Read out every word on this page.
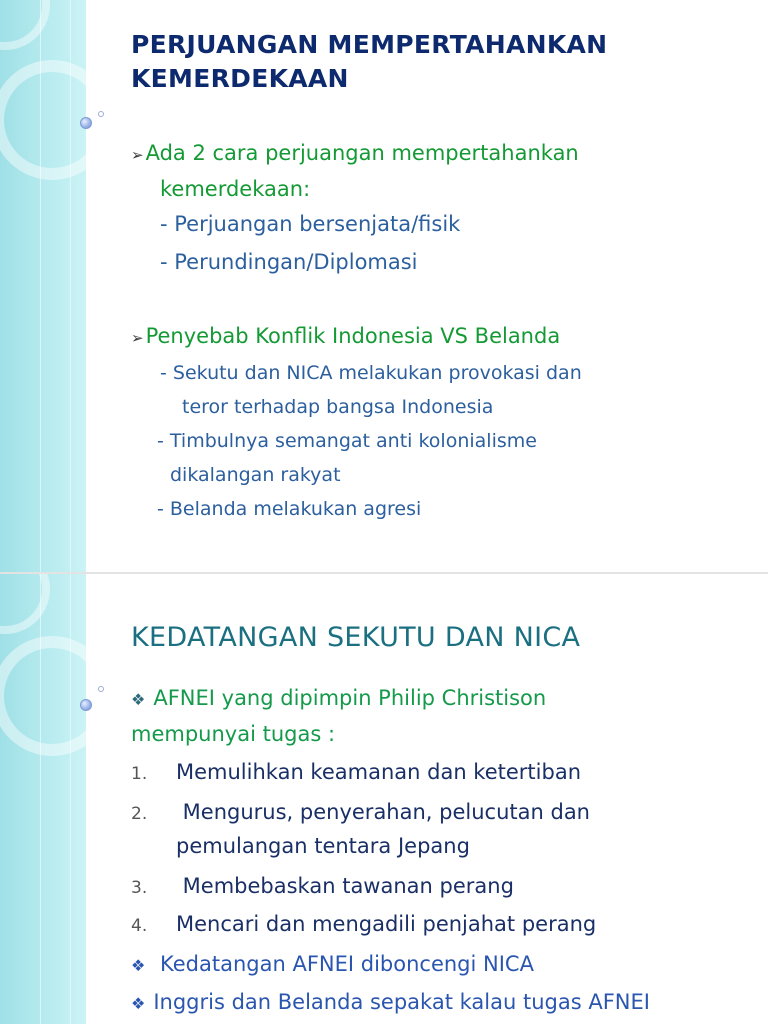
PERJUANGAN MEMPERTAHANKAN
KEMERDEKAAN
➢Ada 2 cara perjuangan mempertahankan
kemerdekaan:
- Perjuangan bersenjata/fisik
- Perundingan/Diplomasi
➢Penyebab Konflik Indonesia VS Belanda
- Sekutu dan NICA melakukan provokasi dan
teror terhadap bangsa Indonesia
- Timbulnya semangat anti kolonialisme
dikalangan rakyat
- Belanda melakukan agresi
KEDATANGAN SEKUTU DAN NICA
❖ AFNEI yang dipimpin Philip Christison
mempunyai tugas :
1. Memulihkan keamanan dan ketertiban
2. Mengurus, penyerahan, pelucutan dan
pemulangan tentara Jepang
3. Membebaskan tawanan perang
4. Mencari dan mengadili penjahat perang
❖ Kedatangan AFNEI diboncengi NICA
❖ Inggris dan Belanda sepakat kalau tugas AFNEI
